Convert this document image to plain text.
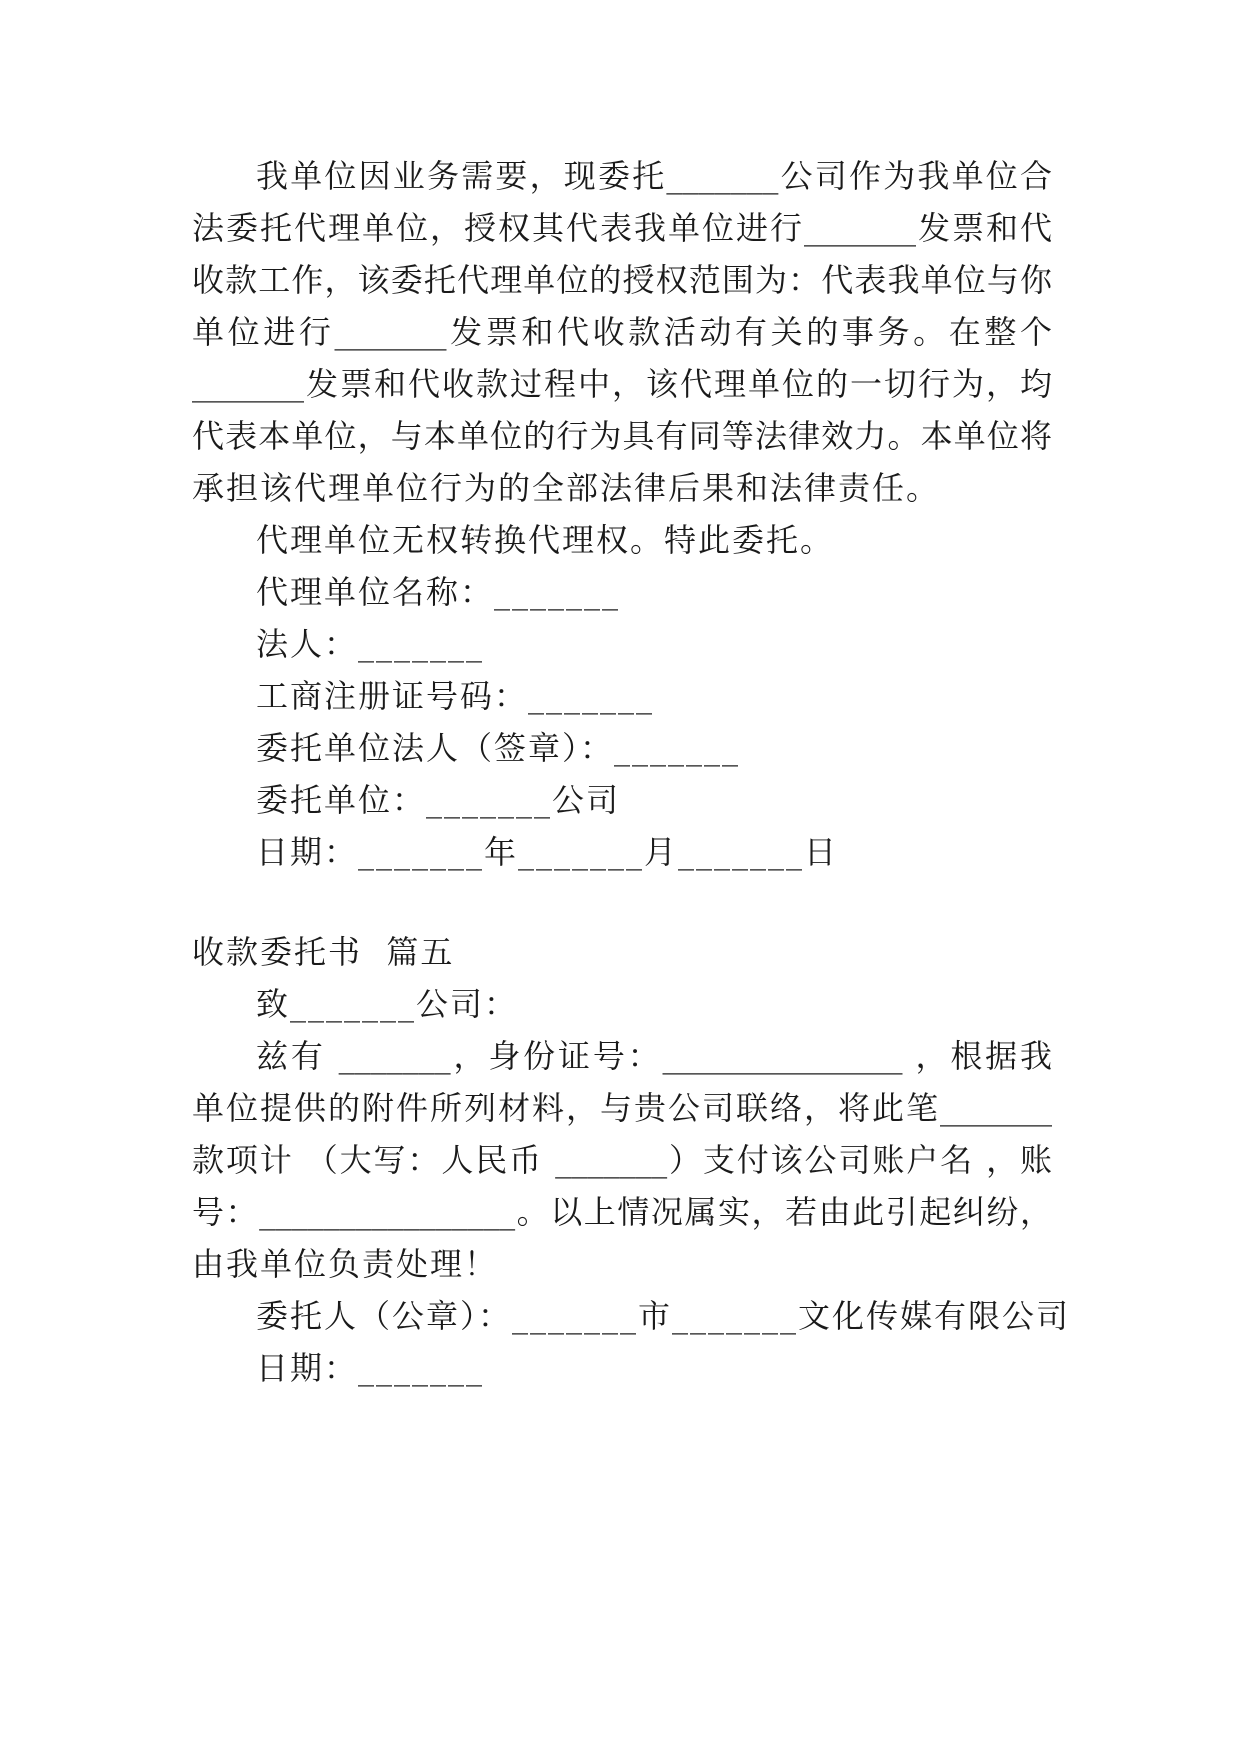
我单位因业务需要，现委托_______公司作为我单位合
法委托代理单位，授权其代表我单位进行_______发票和代
收款工作，该委托代理单位的授权范围为：代表我单位与你
单位进行_______发票和代收款活动有关的事务。在整个
_______发票和代收款过程中，该代理单位的一切行为，均
代表本单位，与本单位的行为具有同等法律效力。本单位将
承担该代理单位行为的全部法律后果和法律责任。
代理单位无权转换代理权。特此委托。
代理单位名称：_______
法人：_______
工商注册证号码：_______
委托单位法人（签章）：_______
委托单位：_______公司
日期：_______年_______月_______日
收款委托书  篇五
致_______公司：
兹有 _______，身份证号：_______________ ，根据我
单位提供的附件所列材料，与贵公司联络，将此笔_______
款项计 （大写：人民币 _______）支付该公司账户名 ，账
号：________________。以上情况属实，若由此引起纠纷，
由我单位负责处理！
委托人（公章）：_______市_______文化传媒有限公司
日期：_______
